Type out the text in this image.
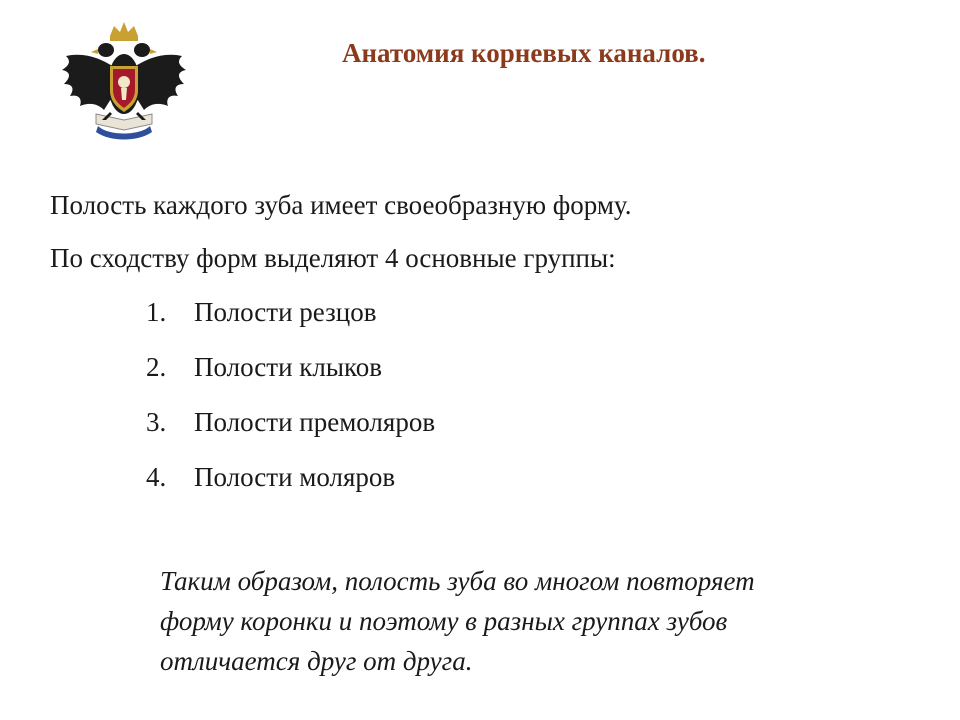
Анатомия корневых каналов.
Полость каждого зуба имеет своеобразную форму.
По сходству форм выделяют 4 основные группы:
1.	Полости резцов
2.	Полости клыков
3.	Полости премоляров
4.	Полости моляров
Таким образом, полость зуба во многом повторяет
форму коронки и поэтому в разных группах зубов
отличается друг от друга.
